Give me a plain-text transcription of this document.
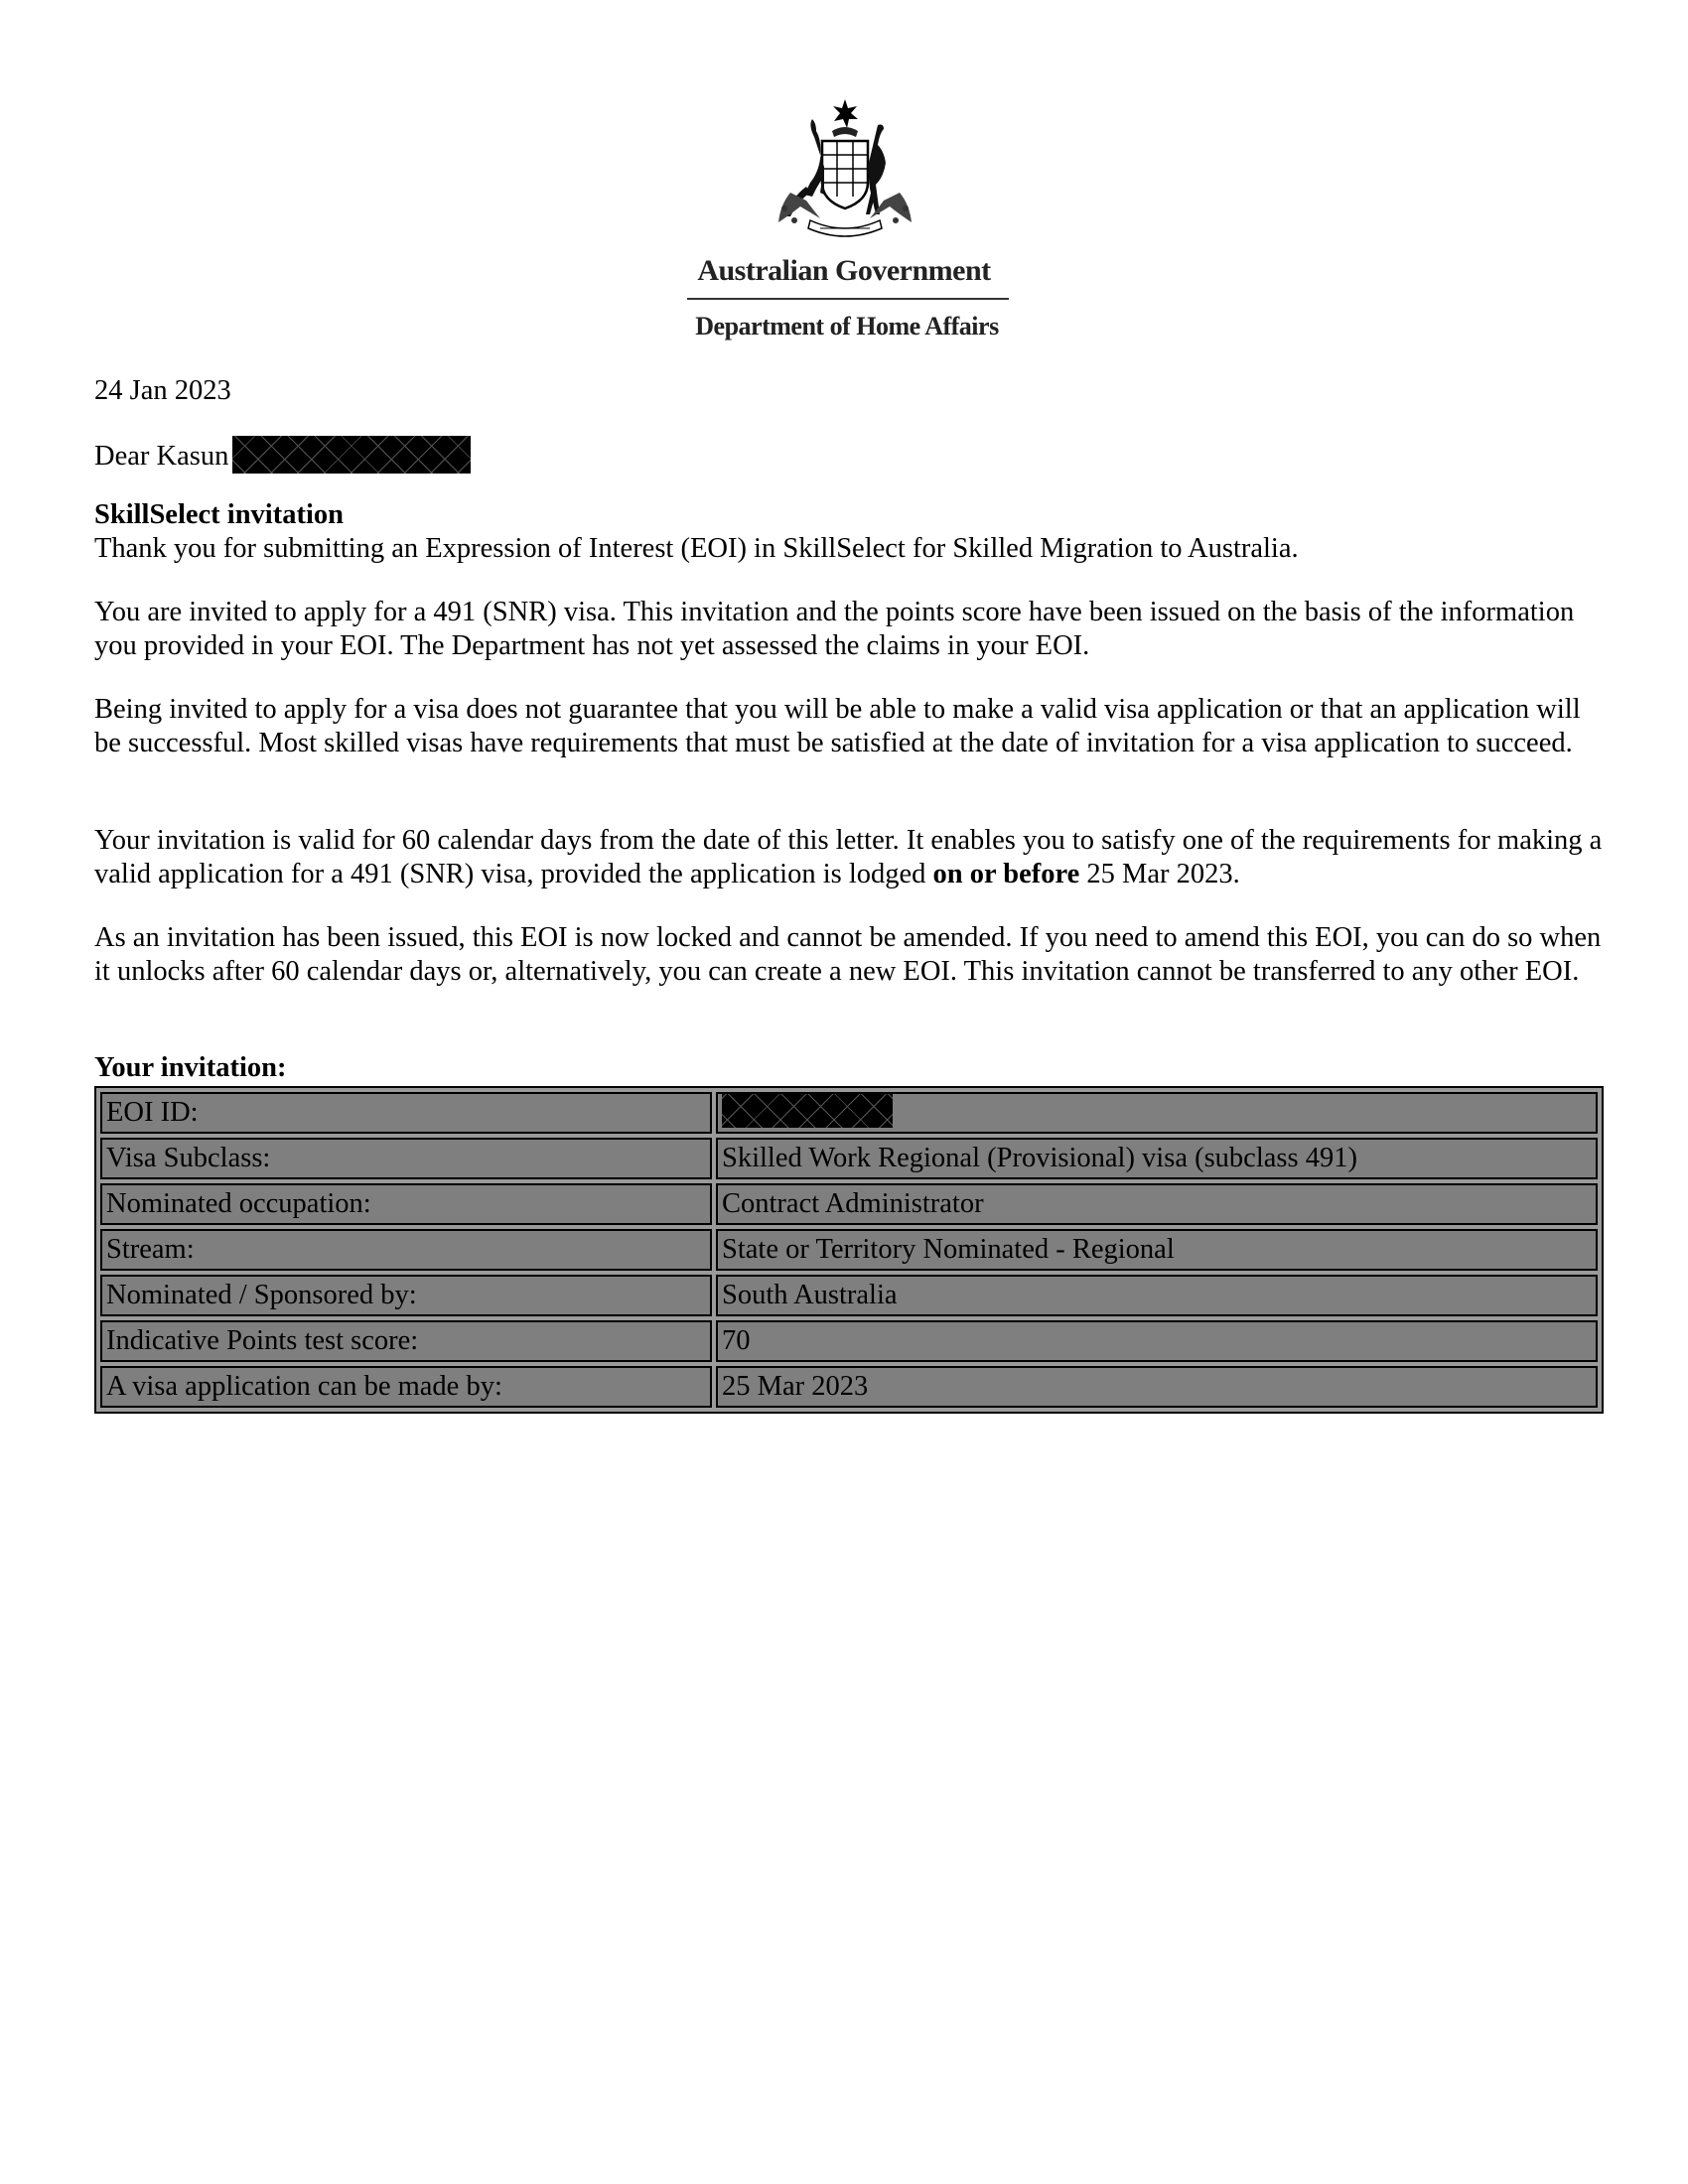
Australian Government
Department of Home Affairs

24 Jan 2023

Dear Kasun

SkillSelect invitation

Thank you for submitting an Expression of Interest (EOI) in SkillSelect for Skilled Migration to Australia.

You are invited to apply for a 491 (SNR) visa. This invitation and the points score have been issued on the basis of the information you provided in your EOI. The Department has not yet assessed the claims in your EOI.

Being invited to apply for a visa does not guarantee that you will be able to make a valid visa application or that an application will be successful. Most skilled visas have requirements that must be satisfied at the date of invitation for a visa application to succeed.

Your invitation is valid for 60 calendar days from the date of this letter. It enables you to satisfy one of the requirements for making a valid application for a 491 (SNR) visa, provided the application is lodged on or before 25 Mar 2023.

As an invitation has been issued, this EOI is now locked and cannot be amended. If you need to amend this EOI, you can do so when it unlocks after 60 calendar days or, alternatively, you can create a new EOI. This invitation cannot be transferred to any other EOI.

Your invitation:

EOI ID:	
Visa Subclass:	Skilled Work Regional (Provisional) visa (subclass 491)
Nominated occupation:	Contract Administrator
Stream:	State or Territory Nominated - Regional
Nominated / Sponsored by:	South Australia
Indicative Points test score:	70
A visa application can be made by:	25 Mar 2023
